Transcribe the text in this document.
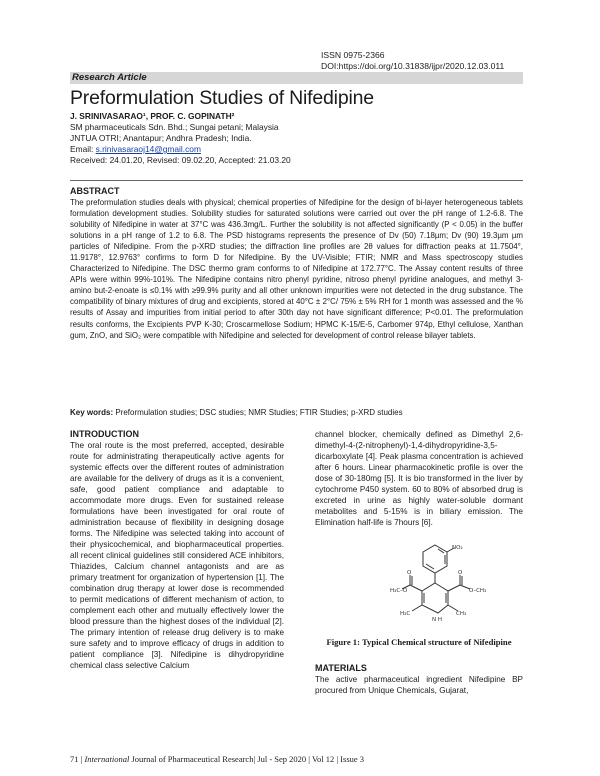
ISSN 0975-2366
DOI:https://doi.org/10.31838/ijpr/2020.12.03.011
Research Article
Preformulation Studies of Nifedipine
J. SRINIVASARAO¹, PROF. C. GOPINATH²
SM pharmaceuticals Sdn. Bhd.; Sungai petani; Malaysia
JNTUA OTRI; Anantapur; Andhra Pradesh; India.
Email: s.rinivasaraoj14@gmail.com
Received: 24.01.20, Revised: 09.02.20, Accepted: 21.03.20
ABSTRACT

The preformulation studies deals with physical; chemical properties of Nifedipine for the design of bi-layer heterogeneous tablets formulation development studies. Solubility studies for saturated solutions were carried out over the pH range of 1.2-6.8. The solubility of Nifedipine in water at 37°C was 436.3mg/L. Further the solubility is not affected significantly (P < 0.05) in the buffer solutions in a pH range of 1.2 to 6.8. The PSD histograms represents the presence of Dv (50) 7.18µm; Dv (90) 19.3µm µm particles of Nifedipine. From the p-XRD studies; the diffraction line profiles are 2θ values for diffraction peaks at 11.7504°, 11.9178°, 12.9763° confirms to form D for Nifedipine. By the UV-Visible; FTIR; NMR and Mass spectroscopy studies Characterized to Nifedipine. The DSC thermo gram conforms to of Nifedipine at 172.77°C. The Assay content results of three APIs were within 99%-101%. The Nifedipine contains nitro phenyl pyridine, nitroso phenyl pyridine analogues, and methyl 3-amino but-2-enoate is ≤0.1% with ≥99.9% purity and all other unknown impurities were not detected in the drug substance. The compatibility of binary mixtures of drug and excipients, stored at 40°C ± 2°C/ 75% ± 5% RH for 1 month was assessed and the % results of Assay and impurities from initial period to after 30th day not have significant difference; P<0.01. The preformulation results conforms, the Excipients PVP K-30; Croscarmellose Sodium; HPMC K-15/E-5, Carbomer 974p, Ethyl cellulose, Xanthan gum, ZnO, and SiO₂ were compatible with Nifedipine and selected for development of control release bilayer tablets.

Key words: Preformulation studies; DSC studies; NMR Studies; FTIR Studies; p-XRD studies
INTRODUCTION

The oral route is the most preferred, accepted, desirable route for administrating therapeutically active agents for systemic effects over the different routes of administration are available for the delivery of drugs as it is a convenient, safe, good patient compliance and adaptable to accommodate more drugs. Even for sustained release formulations have been investigated for oral route of administration because of flexibility in designing dosage forms. The Nifedipine was selected taking into account of their physicochemical, and biopharmaceutical properties. all recent clinical guidelines still considered ACE inhibitors, Thiazides, Calcium channel antagonists and are as primary treatment for organization of hypertension [1]. The combination drug therapy at lower dose is recommended to permit medications of different mechanism of action, to complement each other and mutually effectively lower the blood pressure than the highest doses of the individual [2]. The primary intention of release drug delivery is to make sure safety and to improve efficacy of drugs in addition to patient compliance [3]. Nifedipine is dihydropyridine chemical class selective Calcium

channel blocker, chemically defined as Dimethyl 2,6-dimethyl-4-(2-nitrophenyl)-1,4-dihydropyridine-3,5-dicarboxylate [4]. Peak plasma concentration is achieved after 6 hours. Linear pharmacokinetic profile is over the dose of 30-180mg [5]. It is bio transformed in the liver by cytochrome P450 system. 60 to 80% of absorbed drug is excreted in urine as highly water-soluble dormant metabolites and 5-15% is in biliary emission. The Elimination half-life is 7hours [6].

NO₂
O	O
H₃C–O	O–CH₃
H₃C	CH₃
N H
Figure 1: Typical Chemical structure of Nifedipine
MATERIALS

The active pharmaceutical ingredient Nifedipine BP procured from Unique Chemicals, Gujarat,

71 | International Journal of Pharmaceutical Research| Jul - Sep 2020 | Vol 12 | Issue 3
